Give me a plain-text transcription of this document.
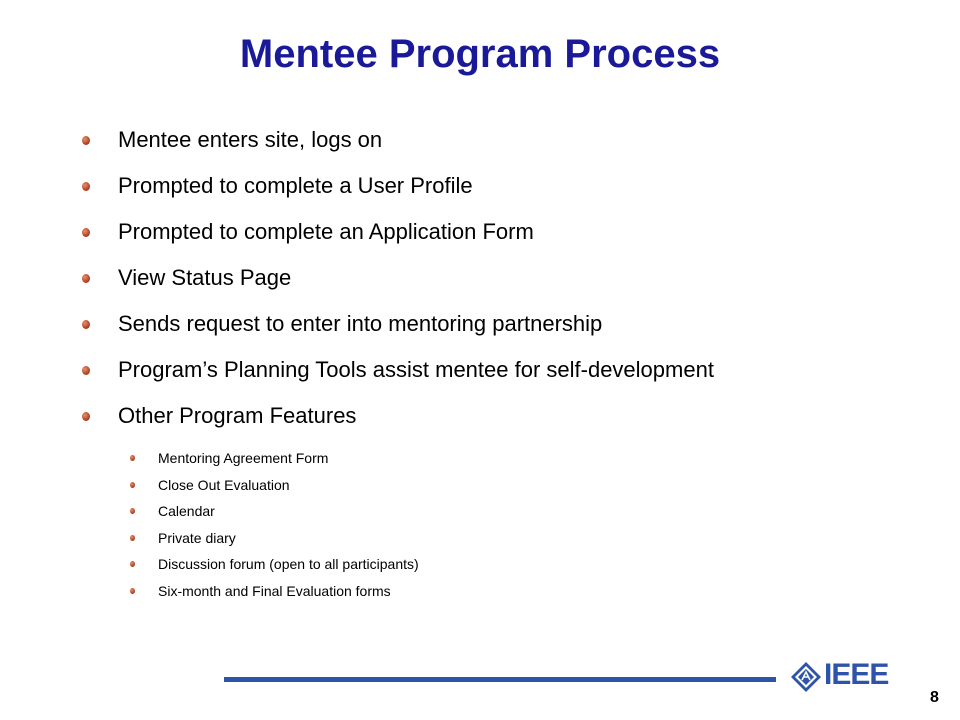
Mentee Program Process
Mentee enters site, logs on
Prompted to complete a User Profile
Prompted to complete an Application Form
View Status Page
Sends request to enter into mentoring partnership
Program’s Planning Tools assist mentee for self-development
Other Program Features
Mentoring Agreement Form
Close Out Evaluation
Calendar
Private diary
Discussion forum (open to all participants)
Six-month and Final Evaluation forms
IEEE
8
